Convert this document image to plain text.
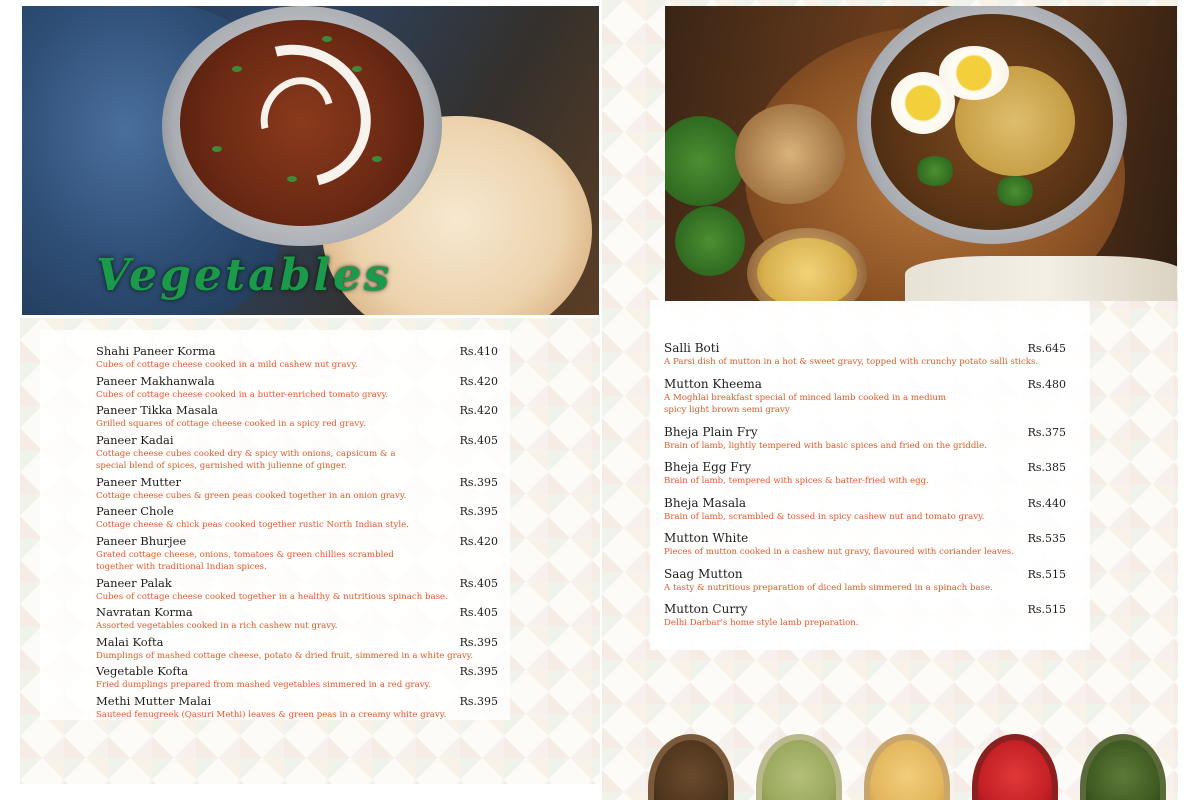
Vegetables
Shahi Paneer Korma	Rs.410
Cubes of cottage cheese cooked in a mild cashew nut gravy.
Paneer Makhanwala	Rs.420
Cubes of cottage cheese cooked in a butter-enriched tomato gravy.
Paneer Tikka Masala	Rs.420
Grilled squares of cottage cheese cooked in a spicy red gravy.
Paneer Kadai	Rs.405
Cottage cheese cubes cooked dry & spicy with onions, capsicum & a special blend of spices, garnished with julienne of ginger.
Paneer Mutter	Rs.395
Cottage cheese cubes & green peas cooked together in an onion gravy.
Paneer Chole	Rs.395
Cottage cheese & chick peas cooked together rustic North Indian style.
Paneer Bhurjee	Rs.420
Grated cottage cheese, onions, tomatoes & green chillies scrambled together with traditional Indian spices.
Paneer Palak	Rs.405
Cubes of cottage cheese cooked together in a healthy & nutritious spinach base.
Navratan Korma	Rs.405
Assorted vegetables cooked in a rich cashew nut gravy.
Malai Kofta	Rs.395
Dumplings of mashed cottage cheese, potato & dried fruit, simmered in a white gravy.
Vegetable Kofta	Rs.395
Fried dumplings prepared from mashed vegetables simmered in a red gravy.
Methi Mutter Malai	Rs.395
Sauteed fenugreek (Qasuri Methi) leaves & green peas in a creamy white gravy.
Salli Boti	Rs.645
A Parsi dish of mutton in a hot & sweet gravy, topped with crunchy potato salli sticks.
Mutton Kheema	Rs.480
A Moghlai breakfast special of minced lamb cooked in a medium spicy light brown semi gravy
Bheja Plain Fry	Rs.375
Brain of lamb, lightly tempered with basic spices and fried on the griddle.
Bheja Egg Fry	Rs.385
Brain of lamb, tempered with spices & batter-fried with egg.
Bheja Masala	Rs.440
Brain of lamb, scrambled & tossed in spicy cashew nut and tomato gravy.
Mutton White	Rs.535
Pieces of mutton cooked in a cashew nut gravy, flavoured with coriander leaves.
Saag Mutton	Rs.515
A tasty & nutritious preparation of diced lamb simmered in a spinach base.
Mutton Curry	Rs.515
Delhi Darbar's home style lamb preparation.
